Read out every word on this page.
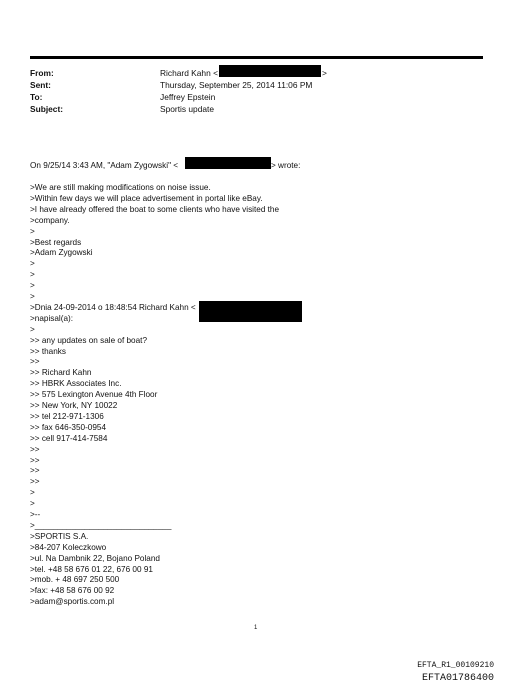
From:	Richard Kahn <	>
Sent:	Thursday, September 25, 2014 11:06 PM
To:	Jeffrey Epstein
Subject:	Sportis update
On 9/25/14 3:43 AM, "Adam Zygowski" <	> wrote:
>We are still making modifications on noise issue.
>Within few days we will place advertisement in portal like eBay.
>I have already offered the boat to some clients who have visited the
>company.
>
>Best regards
>Adam Zygowski
>
>
>
>
>Dnia 24-09-2014 o 18:48:54 Richard Kahn <
>napisal(a):
>
>> any updates on sale of boat?
>> thanks
>>
>> Richard Kahn
>> HBRK Associates Inc.
>> 575 Lexington Avenue 4th Floor
>> New York, NY 10022
>> tel 212-971-1306
>> fax 646-350-0954
>> cell 917-414-7584
>>
>>
>>
>>
>
>
>--
>______________________________
>SPORTIS S.A.
>84-207 Koleczkowo
>ul. Na Dambnik 22, Bojano Poland
>tel. +48 58 676 01 22, 676 00 91
>mob. + 48 697 250 500
>fax: +48 58 676 00 92
>adam@sportis.com.pl
1
EFTA_R1_00109210
EFTA01786400
